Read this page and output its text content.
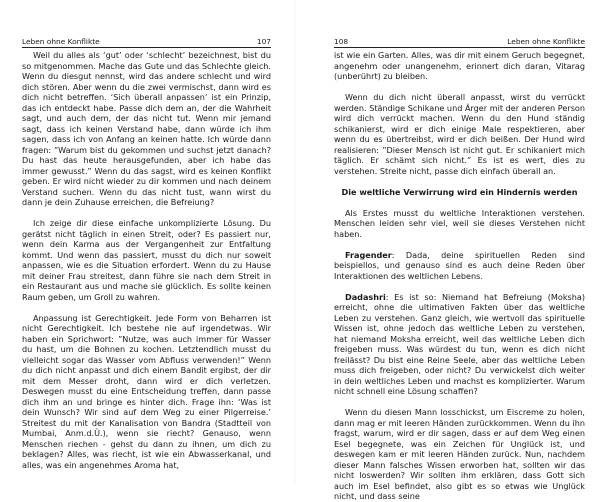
Leben ohne Konflikte	107

Weil du alles als ‘gut’ oder ‘schlecht’ bezeichnest, bist du so mitgenommen. Mache das Gute und das Schlechte gleich. Wenn du diesgut nennst, wird das andere schlecht und wird dich stören. Aber wenn du die zwei vermischst, dann wird es dich nicht betreffen. ‘Sich überall anpassen’ ist ein Prinzip, das ich entdeckt habe. Passe dich dem an, der die Wahrheit sagt, und auch dem, der das nicht tut. Wenn mir jemand sagt, dass ich keinen Verstand habe, dann würde ich ihm sagen, dass ich von Anfang an keinen hatte. Ich würde dann fragen: ”Warum bist du gekommen und suchst jetzt danach? Du hast das heute herausgefunden, aber ich habe das immer gewusst.” Wenn du das sagst, wird es keinen Konflikt geben. Er wird nicht wieder zu dir kommen und nach deinem Verstand suchen. Wenn du das nicht tust, wann wirst du dann je dein Zuhause erreichen, die Befreiung?

Ich zeige dir diese einfache unkomplizierte Lösung. Du gerätst nicht täglich in einen Streit, oder? Es passiert nur, wenn dein Karma aus der Vergangenheit zur Entfaltung kommt. Und wenn das passiert, musst du dich nur soweit anpassen, wie es die Situation erfordert. Wenn du zu Hause mit deiner Frau streitest, dann führe sie nach dem Streit in ein Restaurant aus und mache sie glücklich. Es sollte keinen Raum geben, um Groll zu wahren.

Anpassung ist Gerechtigkeit. Jede Form von Beharren ist nicht Gerechtigkeit. Ich bestehe nie auf irgendetwas. Wir haben ein Sprichwort: ”Nutze, was auch immer für Wasser du hast, um die Bohnen zu kochen. Letztendlich musst du vielleicht sogar das Wasser vom Abfluss verwenden!” Wenn du dich nicht anpasst und dich einem Bandit ergibst, der dir mit dem Messer droht, dann wird er dich verletzen. Deswegen musst du eine Entscheidung treffen, dann passe dich ihm an und bringe es hinter dich. Frage ihn: ‘Was ist dein Wunsch? Wir sind auf dem Weg zu einer Pilgerreise.’ Streitest du mit der Kanalisation von Bandra (Stadtteil von Mumbai, Anm.d.Ü.), wenn sie riecht? Genauso, wenn Menschen riechen - gehst du dann zu ihnen, um dich zu beklagen? Alles, was riecht, ist wie ein Abwasserkanal, und alles, was ein angenehmes Aroma hat,

108	Leben ohne Konflikte

ist wie ein Garten. Alles, was dir mit einem Geruch begegnet, angenehm oder unangenehm, erinnert dich daran, Vitarag (unberührt) zu bleiben.

Wenn du dich nicht überall anpasst, wirst du verrückt werden. Ständige Schikane und Ärger mit der anderen Person wird dich verrückt machen. Wenn du den Hund ständig schikanierst, wird er dich einige Male respektieren, aber wenn du es übertreibst, wird er dich beißen. Der Hund wird realisieren: ”Dieser Mensch ist nicht gut. Er schikaniert mich täglich. Er schämt sich nicht.” Es ist es wert, dies zu verstehen. Streite nicht, passe dich einfach überall an.

Die weltliche Verwirrung wird ein Hindernis werden

Als Erstes musst du weltliche Interaktionen verstehen. Menschen leiden sehr viel, weil sie dieses Verstehen nicht haben.

Fragender: Dada, deine spirituellen Reden sind beispiellos, und genauso sind es auch deine Reden über Interaktionen des weltlichen Lebens.

Dadashri: Es ist so: Niemand hat Befreiung (Moksha) erreicht, ohne die ultimativen Fakten über das weltliche Leben zu verstehen. Ganz gleich, wie wertvoll das spirituelle Wissen ist, ohne jedoch das weltliche Leben zu verstehen, hat niemand Moksha erreicht, weil das weltliche Leben dich freigeben muss. Was würdest du tun, wenn es dich nicht freilässt? Du bist eine Reine Seele, aber das weltliche Leben muss dich freigeben, oder nicht? Du verwickelst dich weiter in dein weltliches Leben und machst es komplizierter. Warum nicht schnell eine Lösung schaffen?

Wenn du diesen Mann losschickst, um Eiscreme zu holen, dann mag er mit leeren Händen zurückkommen. Wenn du ihn fragst, warum, wird er dir sagen, dass er auf dem Weg einen Esel begegnete, was ein Zeichen für Unglück ist, und deswegen kam er mit leeren Händen zurück. Nun, nachdem dieser Mann falsches Wissen erworben hat, sollten wir das nicht loswerden? Wir sollten ihm erklären, dass Gott sich auch im Esel befindet, also gibt es so etwas wie Unglück nicht, und dass seine
